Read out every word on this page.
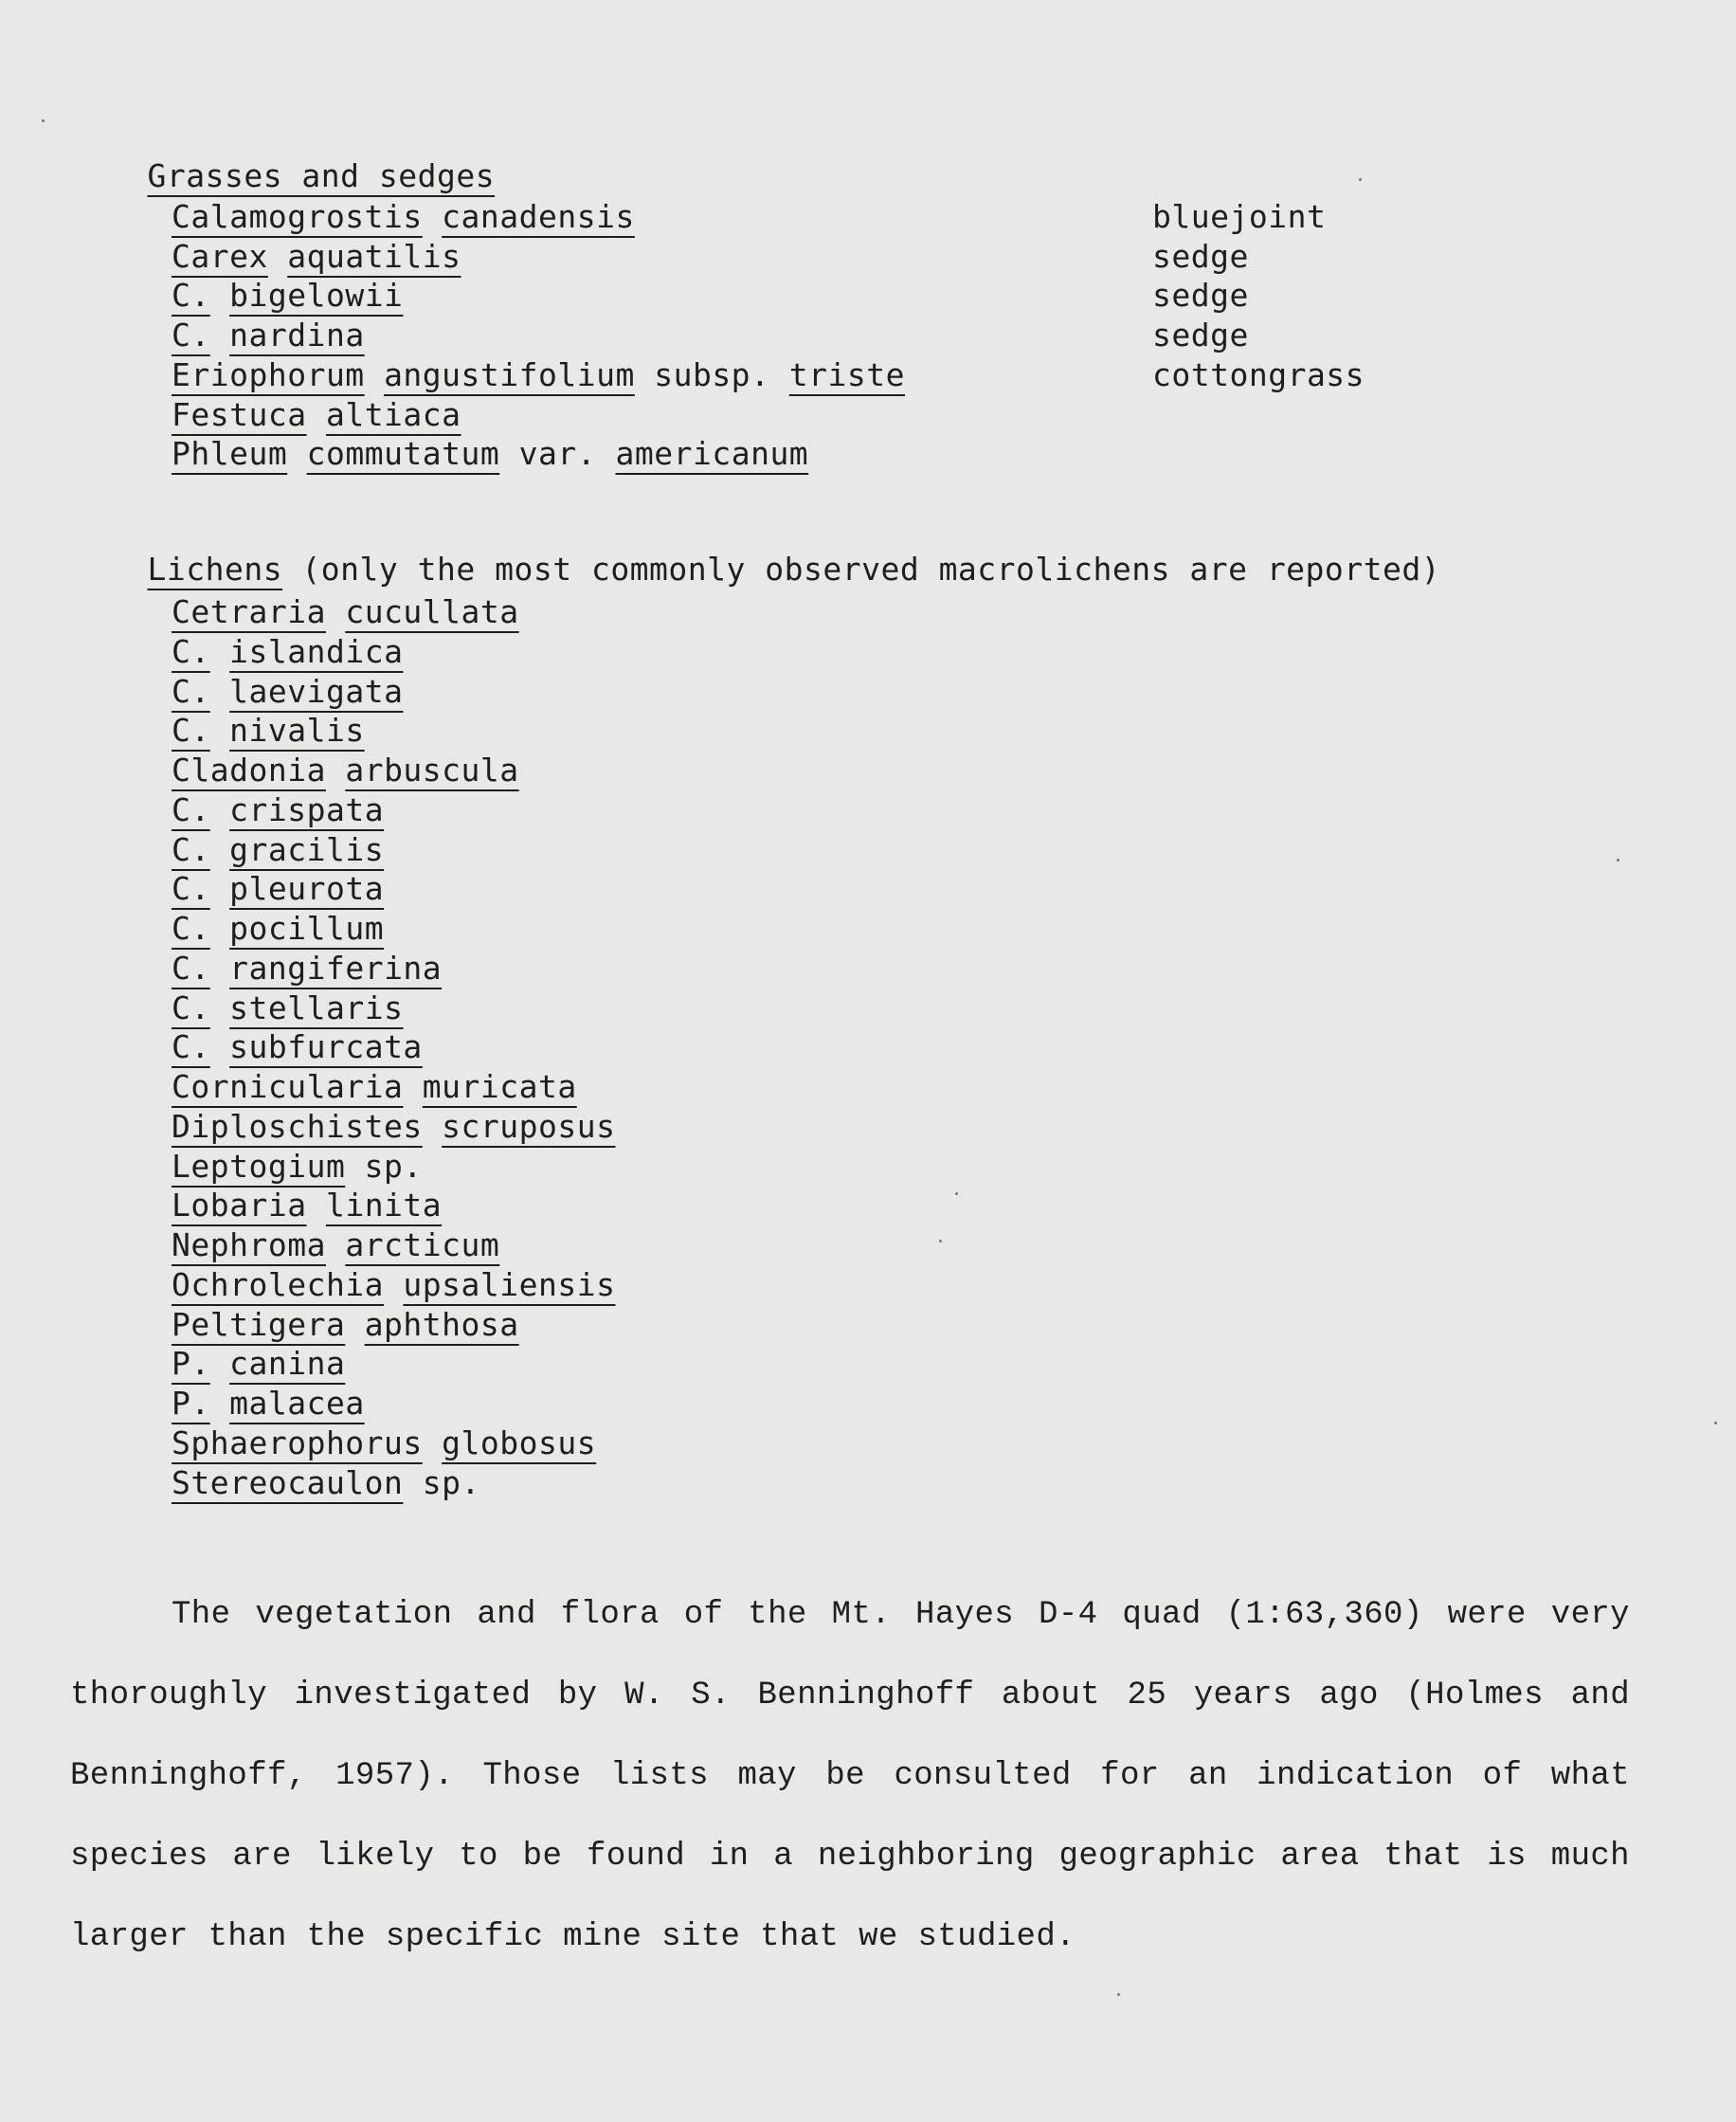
Grasses and sedges

Calamogrostis canadensis
Carex aquatilis
C. bigelowii
C. nardina
Eriophorum angustifolium subsp. triste
Festuca altiaca
Phleum commutatum var. americanum
bluejoint
sedge
sedge
sedge
cottongrass

Lichens (only the most commonly observed macrolichens are reported)

Cetraria cucullata
C. islandica
C. laevigata
C. nivalis
Cladonia arbuscula
C. crispata
C. gracilis
C. pleurota
C. pocillum
C. rangiferina
C. stellaris
C. subfurcata
Cornicularia muricata
Diploschistes scruposus
Leptogium sp.
Lobaria linita
Nephroma arcticum
Ochrolechia upsaliensis
Peltigera aphthosa
P. canina
P. malacea
Sphaerophorus globosus
Stereocaulon sp.
The vegetation and flora of the Mt. Hayes D-4 quad (1:63,360) were very thoroughly investigated by W. S. Benninghoff about 25 years ago (Holmes and Benninghoff, 1957). Those lists may be consulted for an indication of what species are likely to be found in a neighboring geographic area that is much larger than the specific mine site that we studied.
